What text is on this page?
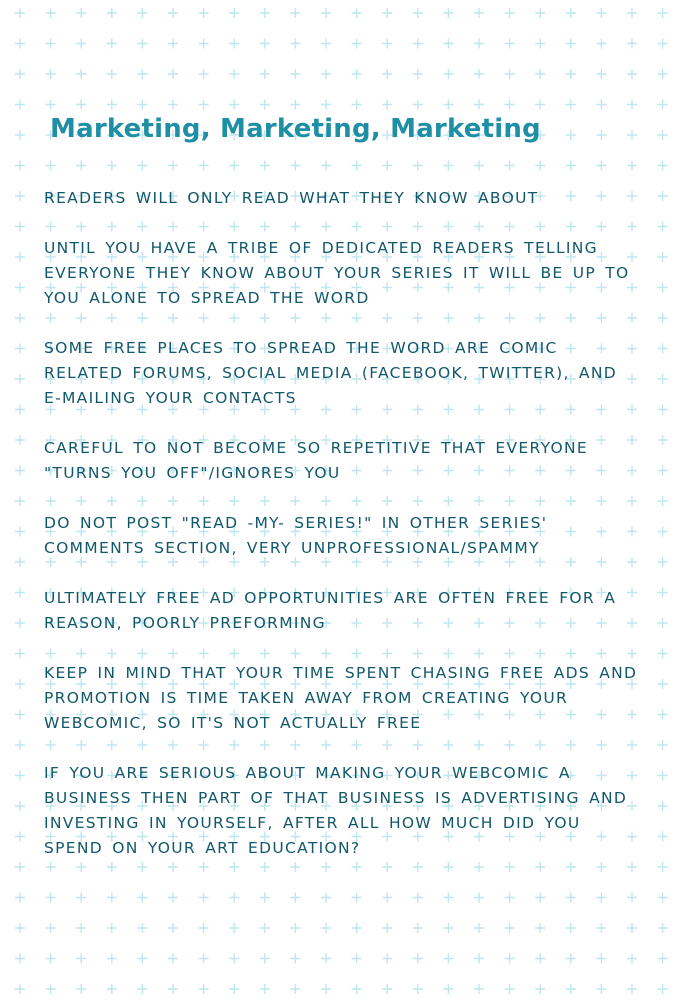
Marketing, Marketing, Marketing

READERS WILL ONLY READ WHAT THEY KNOW ABOUT

UNTIL YOU HAVE A TRIBE OF DEDICATED READERS TELLING EVERYONE THEY KNOW ABOUT YOUR SERIES IT WILL BE UP TO YOU ALONE TO SPREAD THE WORD

SOME FREE PLACES TO SPREAD THE WORD ARE COMIC RELATED FORUMS, SOCIAL MEDIA (FACEBOOK, TWITTER), AND E-MAILING YOUR CONTACTS

CAREFUL TO NOT BECOME SO REPETITIVE THAT EVERYONE "TURNS YOU OFF"/IGNORES YOU

DO NOT POST "READ -MY- SERIES!" IN OTHER SERIES' COMMENTS SECTION, VERY UNPROFESSIONAL/SPAMMY

ULTIMATELY FREE AD OPPORTUNITIES ARE OFTEN FREE FOR A REASON, POORLY PREFORMING

KEEP IN MIND THAT YOUR TIME SPENT CHASING FREE ADS AND PROMOTION IS TIME TAKEN AWAY FROM CREATING YOUR WEBCOMIC, SO IT'S NOT ACTUALLY FREE

IF YOU ARE SERIOUS ABOUT MAKING YOUR WEBCOMIC A BUSINESS THEN PART OF THAT BUSINESS IS ADVERTISING AND INVESTING IN YOURSELF, AFTER ALL HOW MUCH DID YOU SPEND ON YOUR ART EDUCATION?
